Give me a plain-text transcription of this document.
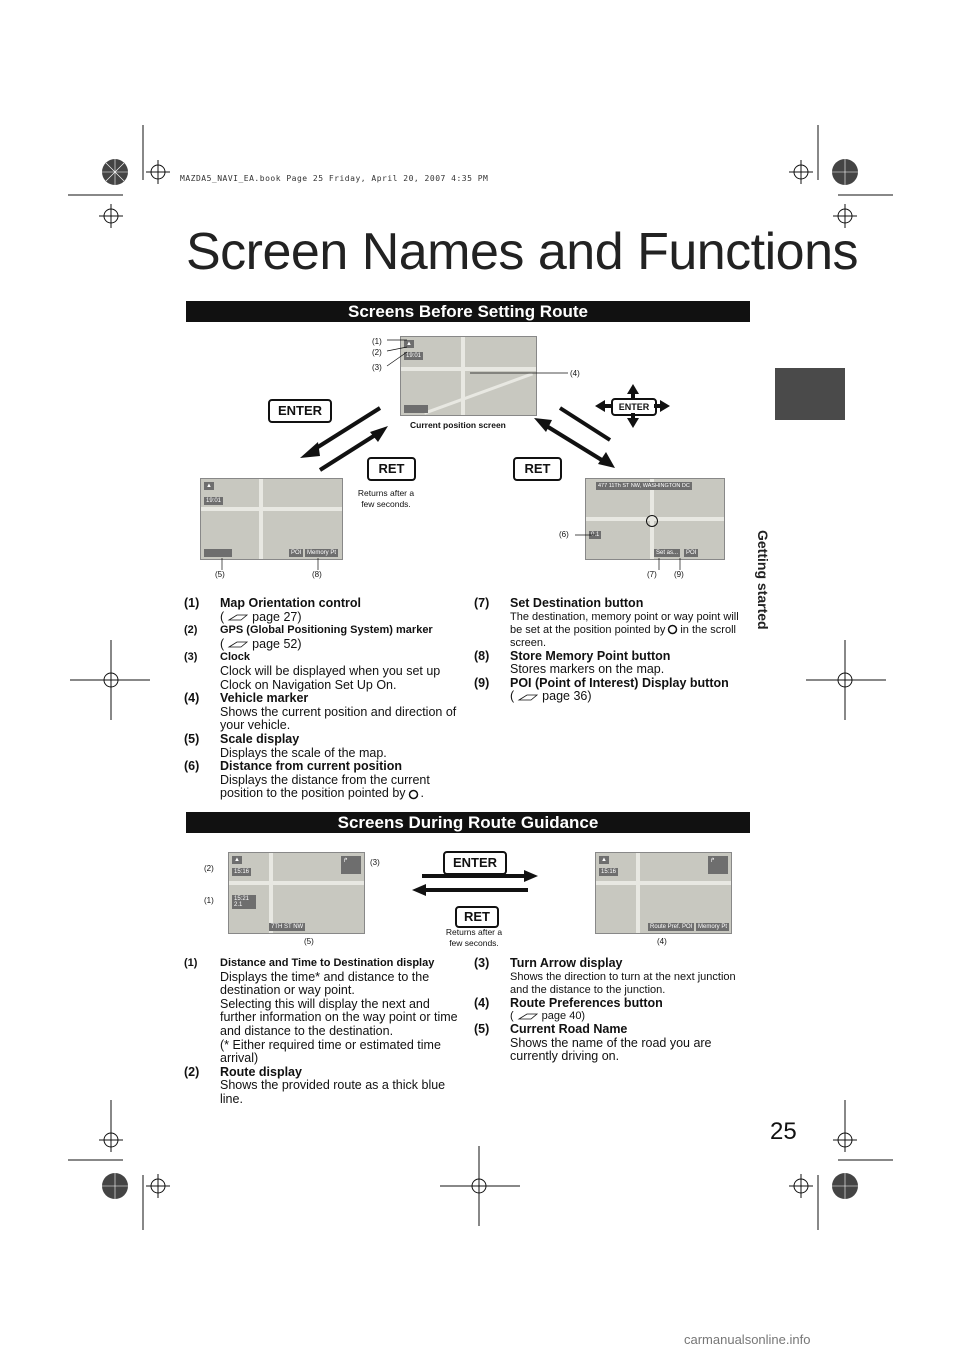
MAZDA5_NAVI_EA.book Page 25 Friday, April 20, 2007 4:35 PM
Screen Names and Functions
Getting started
Screens Before Setting Route
▲
19:01
Current position screen
(1)
(2)
(3)
(4)
ENTER
RET	RET
ENTER
Returns after a
few seconds.
▲
19:01
POI Memory Pt
(5)	(8)
477 11Th ST NW, WASHINGTON DC
0.1
Set as...	POI
(6)
(7) (9)
(1)	Map Orientation control
( page 27)
(2)	GPS (Global Positioning System) marker
( page 52)
(3)	Clock
Clock will be displayed when you set up Clock on Navigation Set Up On.
(4)	Vehicle marker
Shows the current position and direction of your vehicle.
(5)	Scale display
Displays the scale of the map.
(6)	Distance from current position
Displays the distance from the current position to the position pointed by .
(7)	Set Destination button
The destination, memory point or way point will be set at the position pointed by in the scroll screen.
(8)	Store Memory Point button
Stores markers on the map.
(9)	POI (Point of Interest) Display button
( page 36)
Screens During Route Guidance
▲
15:16
15:21
2.1
↱
7TH ST NW
(2)
(1)
(3)
(5)
ENTER
RET
Returns after a
few seconds.
▲
15:16
↱
Route Pref. POI Memory Pt
(4)
(1)	Distance and Time to Destination display
Displays the time* and distance to the destination or way point.
Selecting this will display the next and further information on the way point or time and distance to the destination.
(* Either required time or estimated time arrival)
(2)	Route display
Shows the provided route as a thick blue line.
(3)	Turn Arrow display
Shows the direction to turn at the next junction and the distance to the junction.
(4)	Route Preferences button
(	page 40)
(5)	Current Road Name
Shows the name of the road you are currently driving on.
25
carmanualsonline.info
